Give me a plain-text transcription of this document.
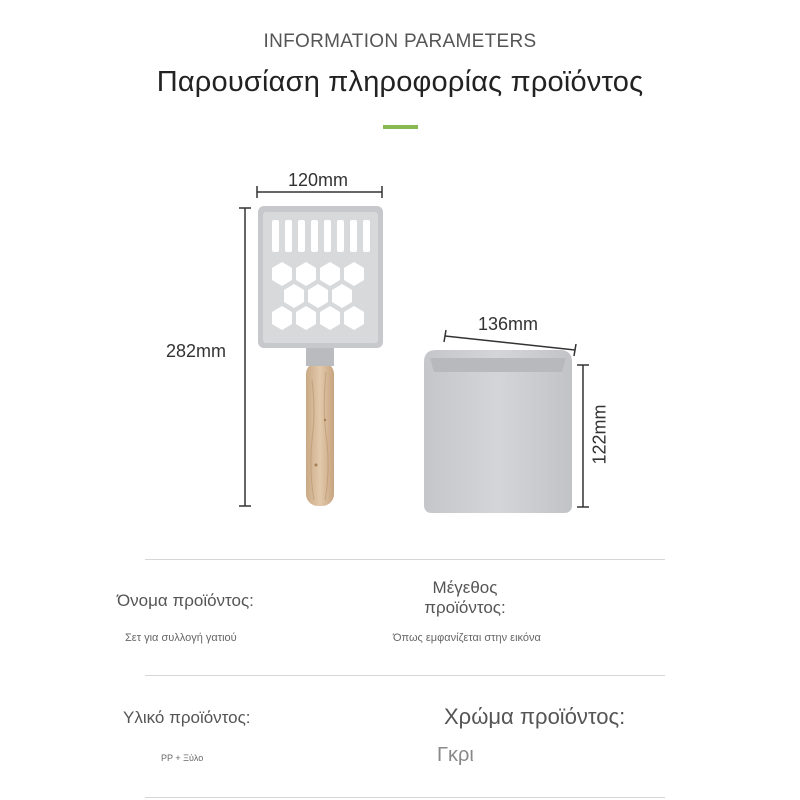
INFORMATION PARAMETERS
Παρουσίαση πληροφορίας προϊόντος
120mm
282mm
136mm
122mm
Όνομα προϊόντος:
Σετ για συλλογή γατιού
Μέγεθος
προϊόντος:
Όπως εμφανίζεται στην εικόνα
Υλικό προϊόντος:
PP + Ξύλο
Χρώμα προϊόντος:
Γκρι
